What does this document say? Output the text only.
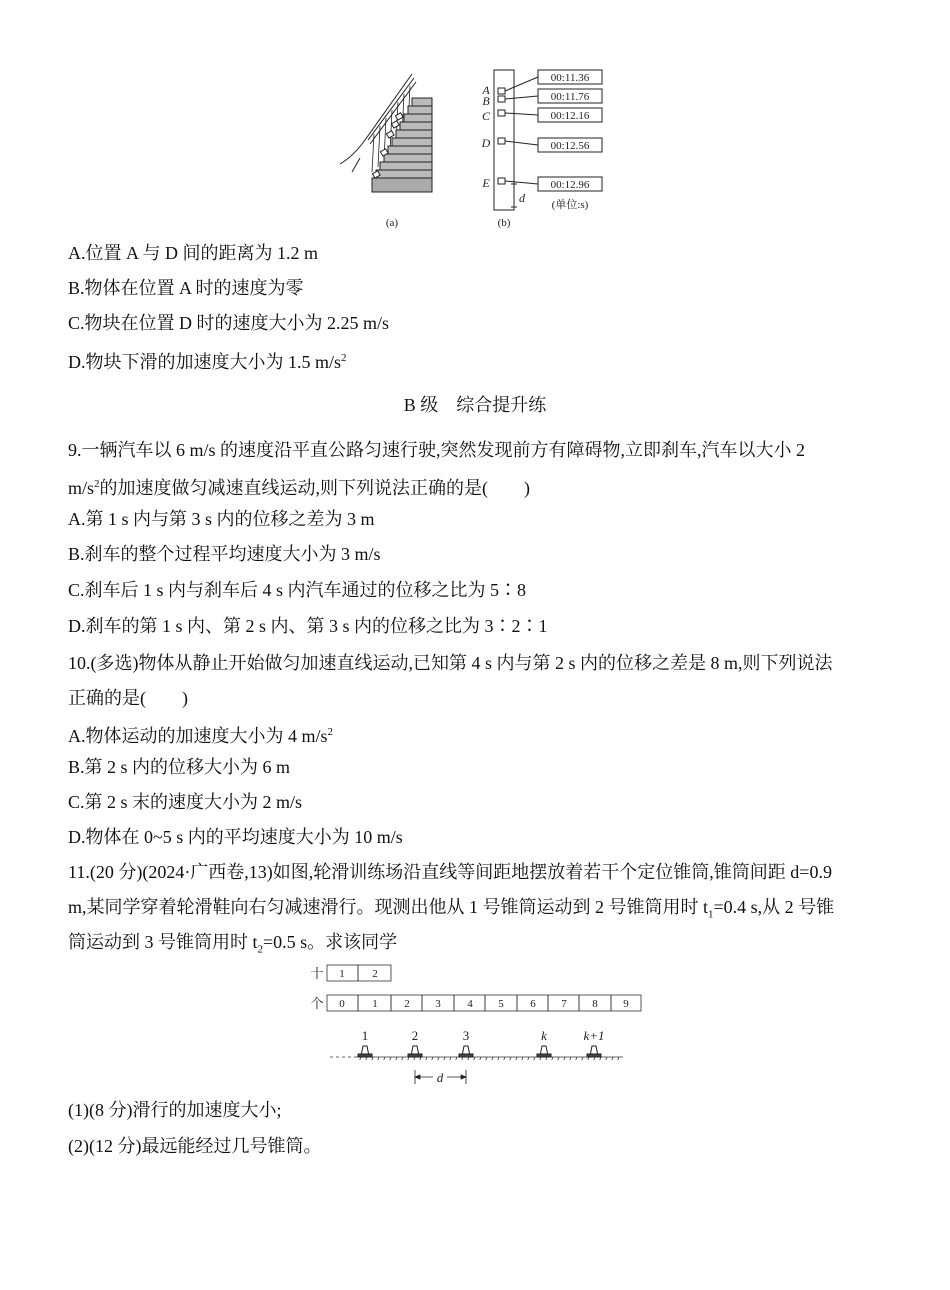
(a)
A
B
C
D
E
00:11.36
00:11.76
00:12.16
00:12.56
00:12.96
d (单位:s)
(b)
A.位置 A 与 D 间的距离为 1.2 m
B.物体在位置 A 时的速度为零
C.物块在位置 D 时的速度大小为 2.25 m/s
D.物块下滑的加速度大小为 1.5 $m/s^2$
B 级　综合提升练
9.一辆汽车以 6 m/s 的速度沿平直公路匀速行驶,突然发现前方有障碍物,立即刹车,汽车以大小 2
$m/s^2$的加速度做匀减速直线运动,则下列说法正确的是(　　)
A.第 1 s 内与第 3 s 内的位移之差为 3 m
B.刹车的整个过程平均速度大小为 3 m/s
C.刹车后 1 s 内与刹车后 4 s 内汽车通过的位移之比为 5∶8
D.刹车的第 1 s 内、第 2 s 内、第 3 s 内的位移之比为 3∶2∶1
10.(多选)物体从静止开始做匀加速直线运动,已知第 4 s 内与第 2 s 内的位移之差是 8 m,则下列说法
正确的是(　　)
A.物体运动的加速度大小为 4 $m/s^2$
B.第 2 s 内的位移大小为 6 m
C.第 2 s 末的速度大小为 2 m/s
D.物体在 0~5 s 内的平均速度大小为 10 m/s
11.(20 分)(2024·广西卷,13)如图,轮滑训练场沿直线等间距地摆放着若干个定位锥筒,锥筒间距 d=0.9
m,某同学穿着轮滑鞋向右匀减速滑行。现测出他从 1 号锥筒运动到 2 号锥筒用时 $t_1=0.4$ s,从 2 号锥
筒运动到 3 号锥筒用时 $t_2=0.5$ s。求该同学
十
个
1	2
0	1 2 3 4 5 6 7 8 9
1	2	3	k	k+1
d
(1)(8 分)滑行的加速度大小;
(2)(12 分)最远能经过几号锥筒。
